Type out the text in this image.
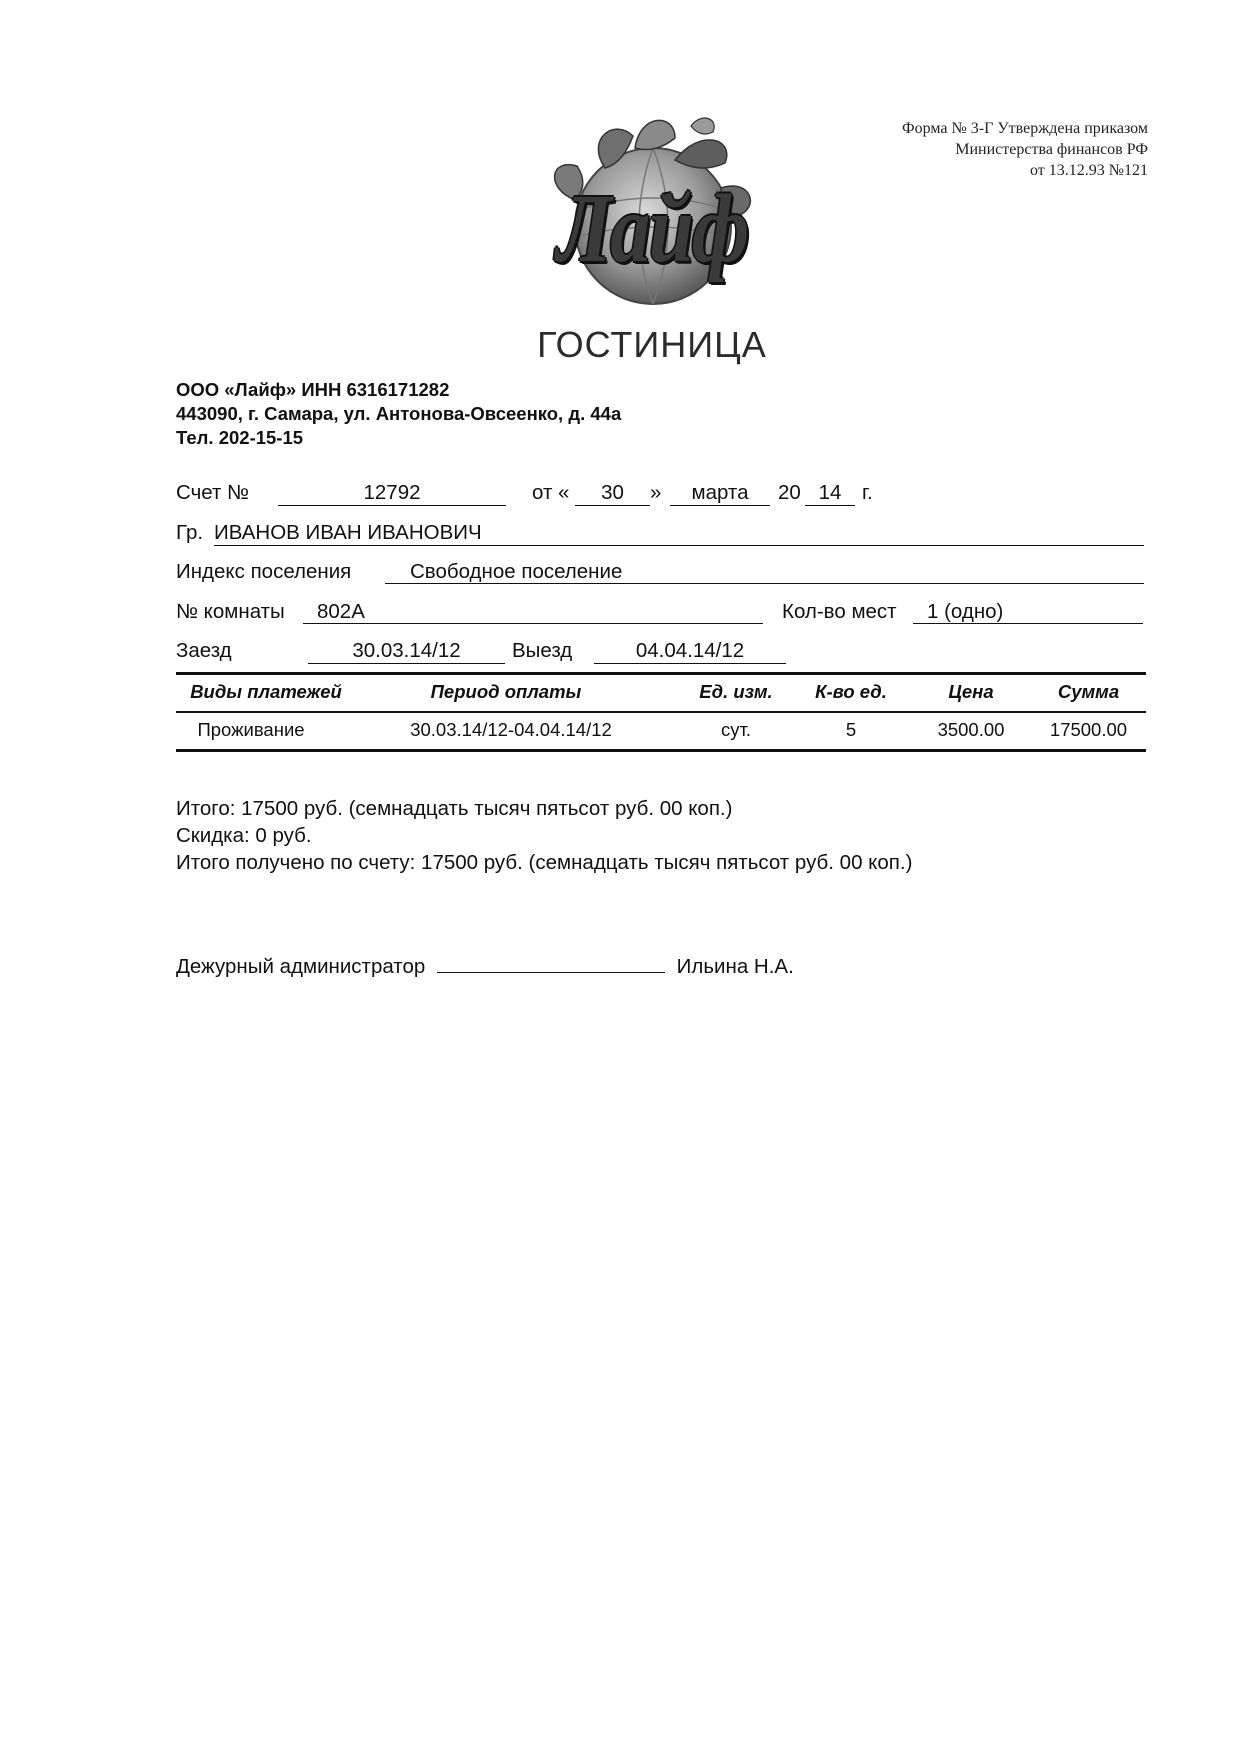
Форма № 3-Г Утверждена приказом
Министерства финансов РФ
от 13.12.93 №121
Лайф
ГОСТИНИЦА
ООО «Лайф» ИНН 6316171282
443090, г. Самара, ул. Антонова-Овсеенко, д. 44а
Тел. 202-15-15
Счет №	12792	от «	30	»	марта	20 14	г.
Гр. ИВАНОВ ИВАН ИВАНОВИЧ
Индекс поселения	Свободное поселение
№ комнаты	802А	Кол-во мест	1 (одно)
Заезд	30.03.14/12	Выезд	04.04.14/12
Виды платежей	Период оплаты	Ед. изм.	К-во ед.	Цена	Сумма
Проживание	30.03.14/12-04.04.14/12	сут.	5	3500.00	17500.00
Итого: 17500 руб. (семнадцать тысяч пятьсот руб. 00 коп.)
Скидка: 0 руб.
Итого получено по счету: 17500 руб. (семнадцать тысяч пятьсот руб. 00 коп.)
Дежурный администратор	Ильина Н.А.
